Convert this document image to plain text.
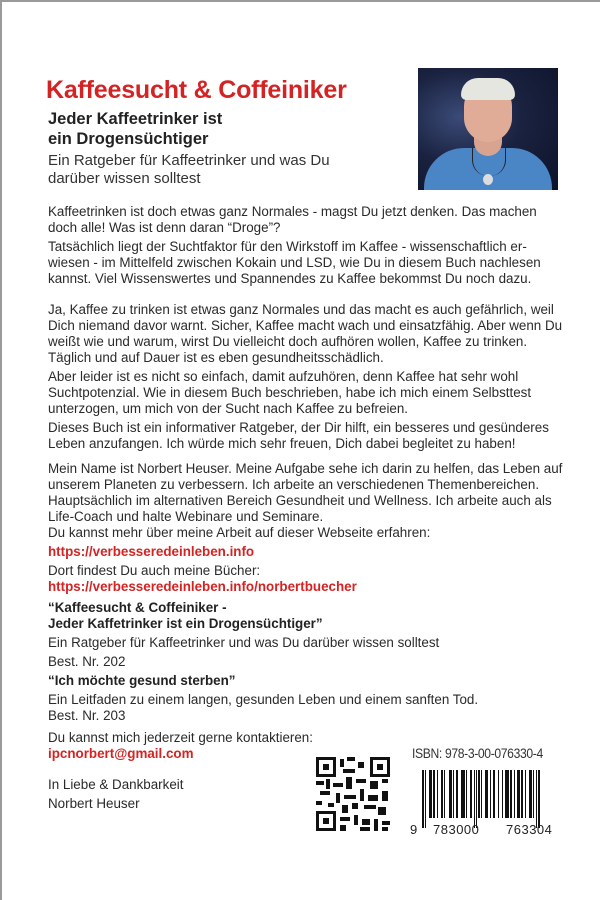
Kaffeesucht & Coffeiniker
Jeder Kaffeetrinker ist
ein Drogensüchtiger
Ein Ratgeber für Kaffeetrinker und was Du
darüber wissen solltest

Kaffeetrinken ist doch etwas ganz Normales - magst Du jetzt denken. Das machen doch alle! Was ist denn daran “Droge”?

Tatsächlich liegt der Suchtfaktor für den Wirkstoff im Kaffee - wissenschaftlich er-wiesen - im Mittelfeld zwischen Kokain und LSD, wie Du in diesem Buch nachlesen kannst. Viel Wissenswertes und Spannendes zu Kaffee bekommst Du noch dazu.

Ja, Kaffee zu trinken ist etwas ganz Normales und das macht es auch gefährlich, weil Dich niemand davor warnt. Sicher, Kaffee macht wach und einsatzfähig. Aber wenn Du weißt wie und warum, wirst Du vielleicht doch aufhören wollen, Kaffee zu trinken. Täglich und auf Dauer ist es eben gesundheitsschädlich.

Aber leider ist es nicht so einfach, damit aufzuhören, denn Kaffee hat sehr wohl Suchtpotenzial. Wie in diesem Buch beschrieben, habe ich mich einem Selbsttest unterzogen, um mich von der Sucht nach Kaffee zu befreien.

Dieses Buch ist ein informativer Ratgeber, der Dir hilft, ein besseres und gesünderes Leben anzufangen. Ich würde mich sehr freuen, Dich dabei begleitet zu haben!

Mein Name ist Norbert Heuser. Meine Aufgabe sehe ich darin zu helfen, das Leben auf unserem Planeten zu verbessern. Ich arbeite an verschiedenen Themenbereichen. Hauptsächlich im alternativen Bereich Gesundheit und Wellness. Ich arbeite auch als Life-Coach und halte Webinare und Seminare.

Du kannst mehr über meine Arbeit auf dieser Webseite erfahren:

https://verbesseredeinleben.info

Dort findest Du auch meine Bücher:

https://verbesseredeinleben.info/norbertbuecher

“Kaffeesucht & Coffeiniker -
Jeder Kaffetrinker ist ein Drogensüchtiger”
Ein Ratgeber für Kaffeetrinker und was Du darüber wissen solltest
Best. Nr. 202
“Ich möchte gesund sterben”
Ein Leitfaden zu einem langen, gesunden Leben und einem sanften Tod.
Best. Nr. 203
Du kannst mich jederzeit gerne kontaktieren:
ipcnorbert@gmail.com
In Liebe & Dankbarkeit
Norbert Heuser
ISBN: 978-3-00-076330-4
9 783000 763304
